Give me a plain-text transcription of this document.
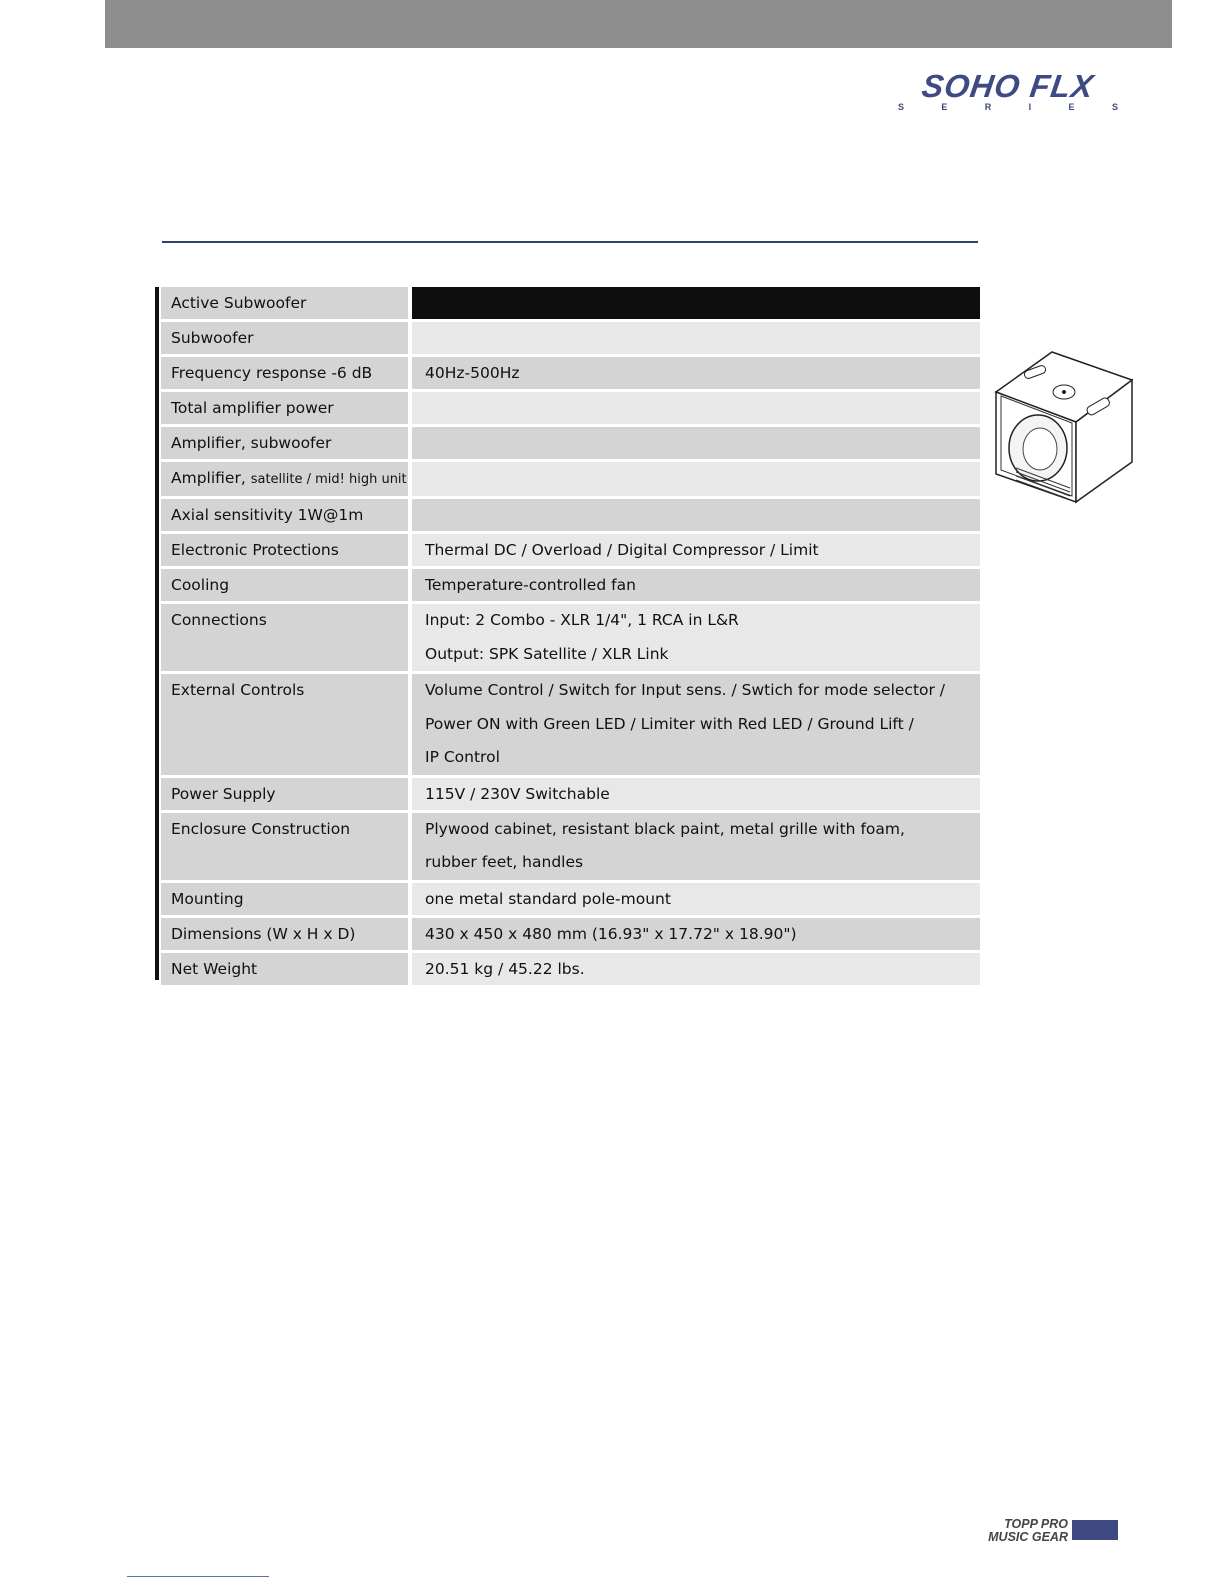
SOHO FLX
S	E	R	I	E	S
Active Subwoofer

Subwoofer

Frequency response -6 dB	40Hz-500Hz
Total amplifier power

Amplifier, subwoofer

Amplifier, satellite / mid! high unit

Axial sensitivity 1W@1m

Electronic Protections	Thermal DC / Overload / Digital Compressor / Limit
Cooling	Temperature-controlled fan
Connections	Input: 2 Combo - XLR 1/4", 1 RCA in L&R
Output: SPK Satellite / XLR Link
External Controls	Volume Control / Switch for Input sens. / Swtich for mode selector /
Power ON with Green LED / Limiter with Red LED / Ground Lift /
IP Control
Power Supply	115V / 230V Switchable
Enclosure Construction	Plywood cabinet, resistant black paint, metal grille with foam,
rubber feet, handles
Mounting	one metal standard pole-mount
Dimensions (W x H x D)	430 x 450 x 480 mm (16.93" x 17.72" x 18.90")
Net Weight	20.51 kg / 45.22 lbs.
TOPP PRO
MUSIC GEAR
